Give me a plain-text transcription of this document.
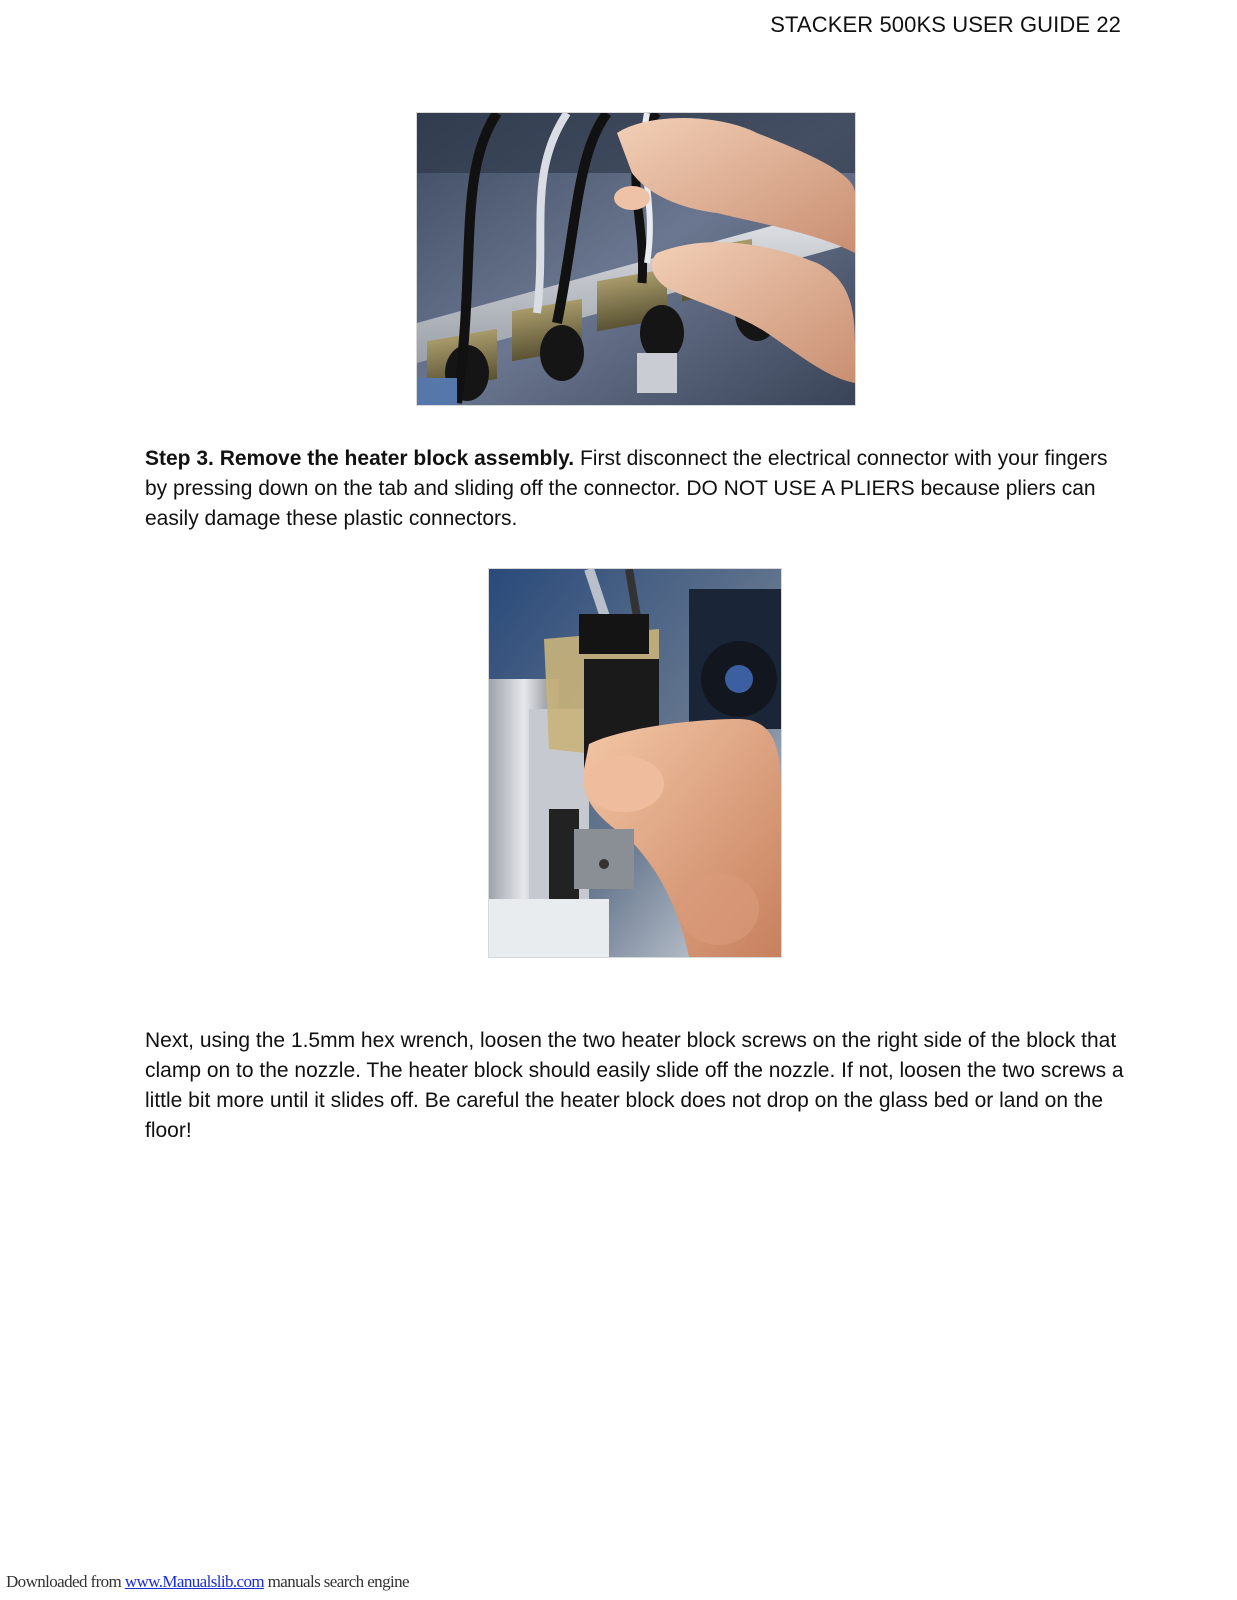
STACKER 500KS USER GUIDE 22

Step 3. Remove the heater block assembly. First disconnect the electrical connector with your fingers by pressing down on the tab and sliding off the connector. DO NOT USE A PLIERS because pliers can easily damage these plastic connectors.

Next, using the 1.5mm hex wrench, loosen the two heater block screws on the right side of the block that clamp on to the nozzle. The heater block should easily slide off the nozzle. If not, loosen the two screws a little bit more until it slides off. Be careful the heater block does not drop on the glass bed or land on the floor!

Downloaded from www.Manualslib.com manuals search engine
